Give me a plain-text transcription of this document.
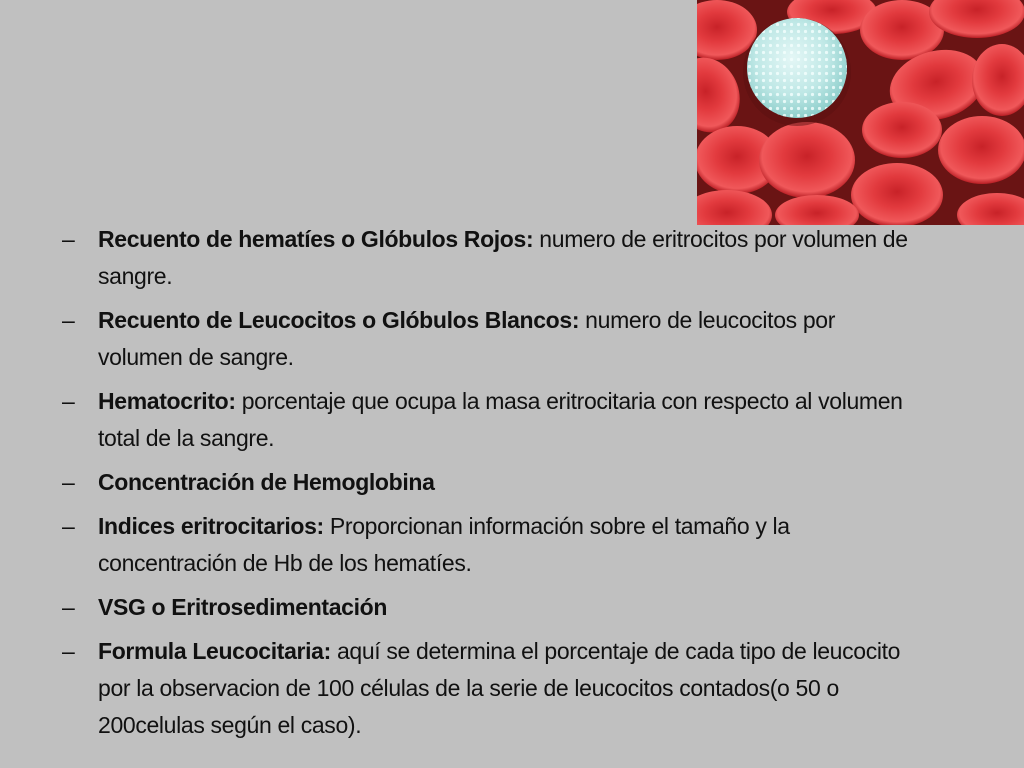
–	Recuento de hematíes o Glóbulos Rojos: numero de eritrocitos por volumen de sangre.
–	Recuento de Leucocitos o Glóbulos Blancos: numero de leucocitos por volumen de sangre.
–	Hematocrito: porcentaje que ocupa la masa eritrocitaria con respecto al volumen total de la sangre.
–	Concentración de Hemoglobina
–	Indices eritrocitarios: Proporcionan información sobre el tamaño y la concentración de Hb de los hematíes.
–	VSG o Eritrosedimentación
–	Formula Leucocitaria: aquí se determina el porcentaje de cada tipo de leucocito por la observacion de 100 células de la serie de leucocitos contados(o 50 o 200celulas según el caso).
